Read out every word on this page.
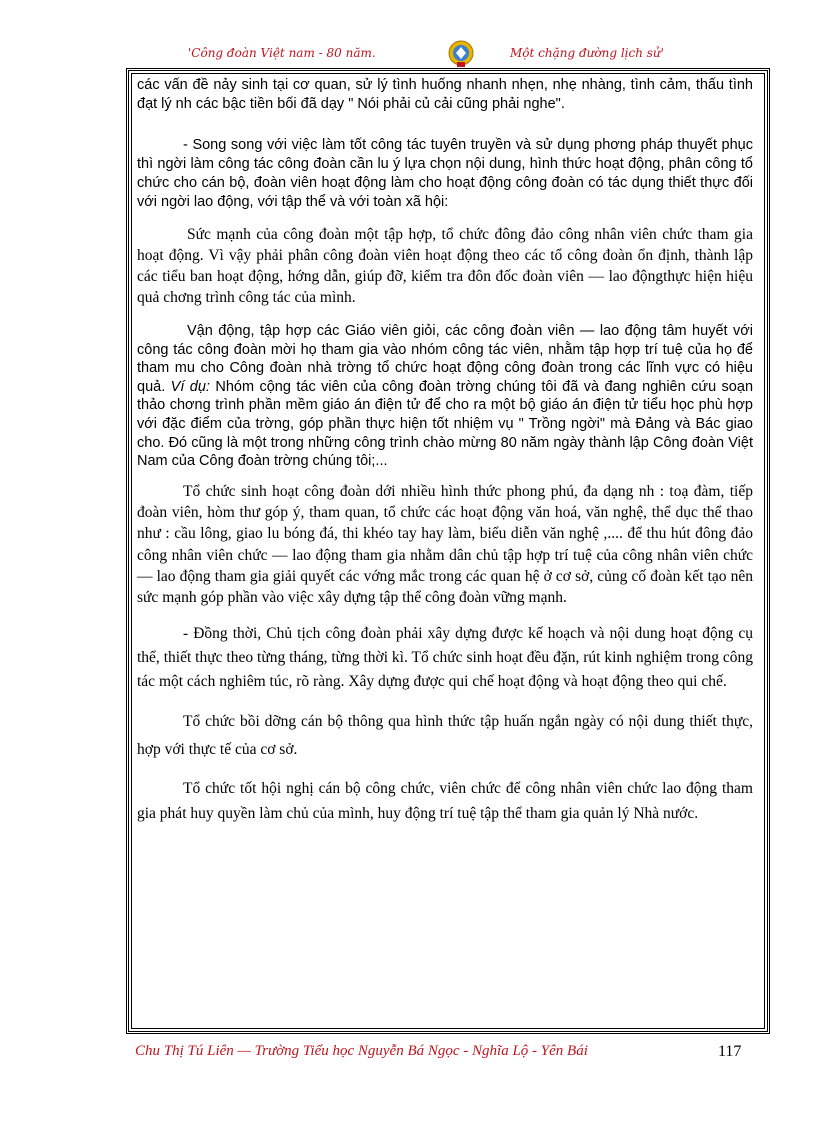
'Công đoàn Việt nam - 80 năm.	Một chặng đường lịch sử'

các vấn đề nảy sinh tại cơ quan, sử lý tình huống nhanh nhẹn, nhẹ nhàng, tình cảm, thấu tình đạt lý nh các bậc tiền bối đã dạy " Nói phải củ cải cũng phải nghe".

- Song song với việc làm tốt công tác tuyên truyền và sử dụng phơng pháp thuyết phục thì ngời làm công tác công đoàn cần lu ý lựa chọn nội dung, hình thức hoạt động, phân công tổ chức cho cán bộ, đoàn viên hoạt động làm cho hoạt động công đoàn có tác dụng thiết thực đối với ngời lao động, với tập thể và với toàn xã hội:

Sức mạnh của công đoàn một tập hợp, tổ chức đông đảo công nhân viên chức tham gia hoạt động. Vì vậy phải phân công đoàn viên hoạt động theo các tổ công đoàn ổn định, thành lập các tiểu ban hoạt động, hớng dẫn, giúp đỡ, kiểm tra đôn đốc đoàn viên — lao độngthực hiện hiệu quả chơng trình công tác của mình.

Vận động, tập hợp các Giáo viên giỏi, các công đoàn viên — lao động tâm huyết với công tác công đoàn mời họ tham gia vào nhóm công tác viên, nhằm tập hợp trí tuệ của họ để tham mu cho Công đoàn nhà trờng tổ chức hoạt động công đoàn trong các lĩnh vực có hiệu quả. Ví dụ: Nhóm cộng tác viên của công đoàn trờng chúng tôi đã và đang nghiên cứu soạn thảo chơng trình phần mềm giáo án điện tử để cho ra một bộ giáo án điện tử tiểu học phù hợp với đặc điểm của trờng, góp phần thực hiện tốt nhiệm vụ " Trồng ngời" mà Đảng và Bác giao cho. Đó cũng là một trong những công trình chào mừng 80 năm ngày thành lập Công đoàn Việt Nam của Công đoàn trờng chúng tôi;...

Tổ chức sinh hoạt công đoàn dới nhiều hình thức phong phú, đa dạng nh : toạ đàm, tiếp đoàn viên, hòm thư góp ý, tham quan, tổ chức các hoạt động văn hoá, văn nghệ, thể dục thể thao như : cầu lông, giao lu bóng đá, thi khéo tay hay làm, biểu diễn văn nghệ ,.... để thu hút đông đảo công nhân viên chức — lao động tham gia nhằm dân chủ tập hợp trí tuệ của công nhân viên chức — lao động tham gia giải quyết các vớng mắc trong các quan hệ ở cơ sở, củng cố đoàn kết tạo nên sức mạnh góp phần vào việc xây dựng tập thể công đoàn vững mạnh.

- Đồng thời, Chủ tịch công đoàn phải xây dựng được kế hoạch và nội dung hoạt động cụ thể, thiết thực theo từng tháng, từng thời kì. Tổ chức sinh hoạt đều đặn, rút kinh nghiệm trong công tác một cách nghiêm túc, rõ ràng. Xây dựng được qui chế hoạt động và hoạt động theo qui chế.

Tổ chức bồi dỡng cán bộ thông qua hình thức tập huấn ngắn ngày có nội dung thiết thực, hợp với thực tế của cơ sở.

Tổ chức tốt hội nghị cán bộ công chức, viên chức để công nhân viên chức lao động tham gia phát huy quyền làm chủ của mình, huy động trí tuệ tập thể tham gia quản lý Nhà nước.

Chu Thị Tú Liên — Trường Tiểu học Nguyễn Bá Ngọc - Nghĩa Lộ - Yên Bái	117
